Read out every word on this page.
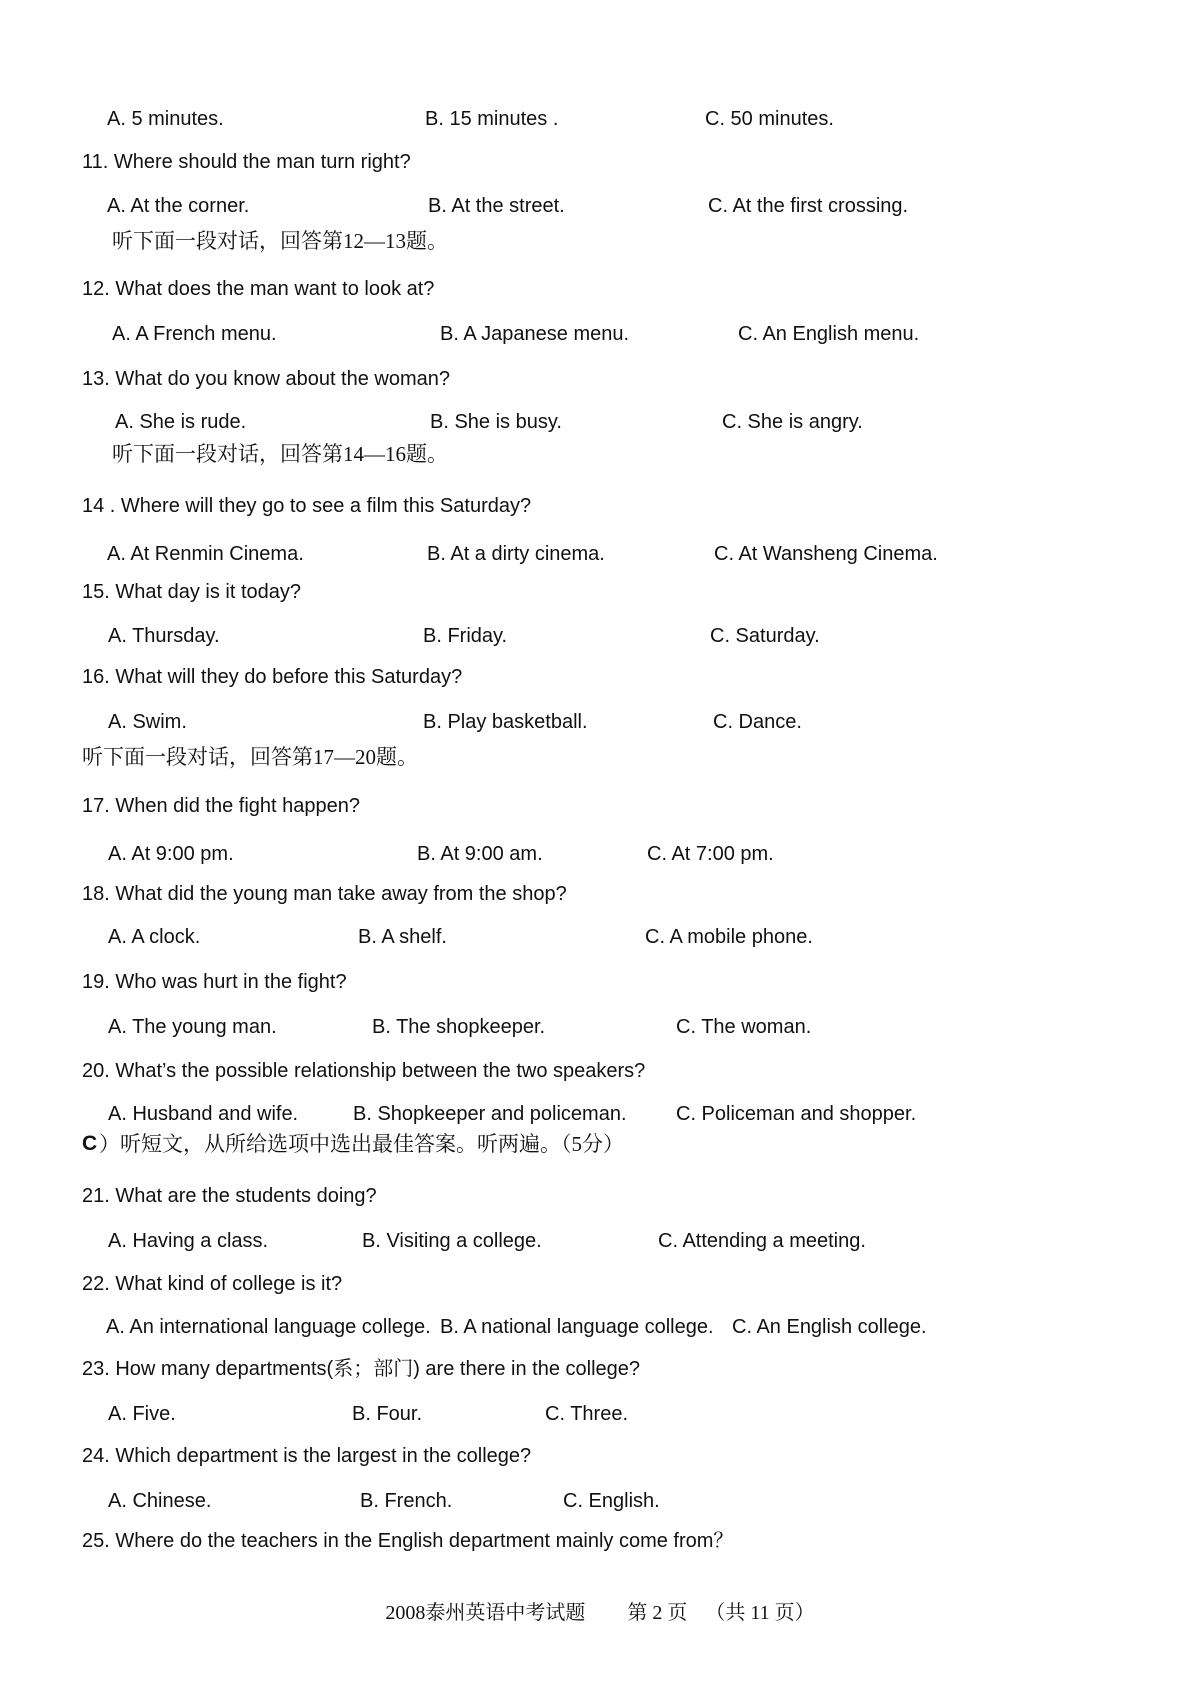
A. 5 minutes.	B. 15 minutes .	C. 50 minutes.
11. Where should the man turn right?
A. At the corner.	B. At the street.	C. At the first crossing.
听下面一段对话，回答第12—13题。
12. What does the man want to look at?
A. A French menu.	B. A Japanese menu.	C. An English menu.
13. What do you know about the woman?
A. She is rude.	B. She is busy.	C. She is angry.
听下面一段对话，回答第14—16题。
14 . Where will they go to see a film this Saturday?
A. At Renmin Cinema.	B. At a dirty cinema.	C. At Wansheng Cinema.
15. What day is it today?
A. Thursday.	B. Friday.	C. Saturday.
16. What will they do before this Saturday?
A. Swim.	B. Play basketball.	C. Dance.
听下面一段对话，回答第17—20题。
17. When did the fight happen?
A. At 9:00 pm.	B. At 9:00 am.	C. At 7:00 pm.
18. What did the young man take away from the shop?
A. A clock.	B. A shelf.	C. A mobile phone.
19. Who was hurt in the fight?
A. The young man.	B. The shopkeeper.	C. The woman.
20. What’s the possible relationship between the two speakers?
A. Husband and wife.	B. Shopkeeper and policeman. C. Policeman and shopper.
C ）听短文，从所给选项中选出最佳答案。听两遍。（5分）
21. What are the students doing?
A. Having a class.	B. Visiting a college.	C. Attending a meeting.
22. What kind of college is it?
A. An international language college. B. A national language college. C. An English college.
23. How many departments(系；部门) are there in the college?
A. Five.	B. Four.	C. Three.
24. Which department is the largest in the college?
A. Chinese.	B. French.	C. English.
25. Where do the teachers in the English department mainly come from？
2008泰州英语中考试题 第 2 页 （共 11 页）
